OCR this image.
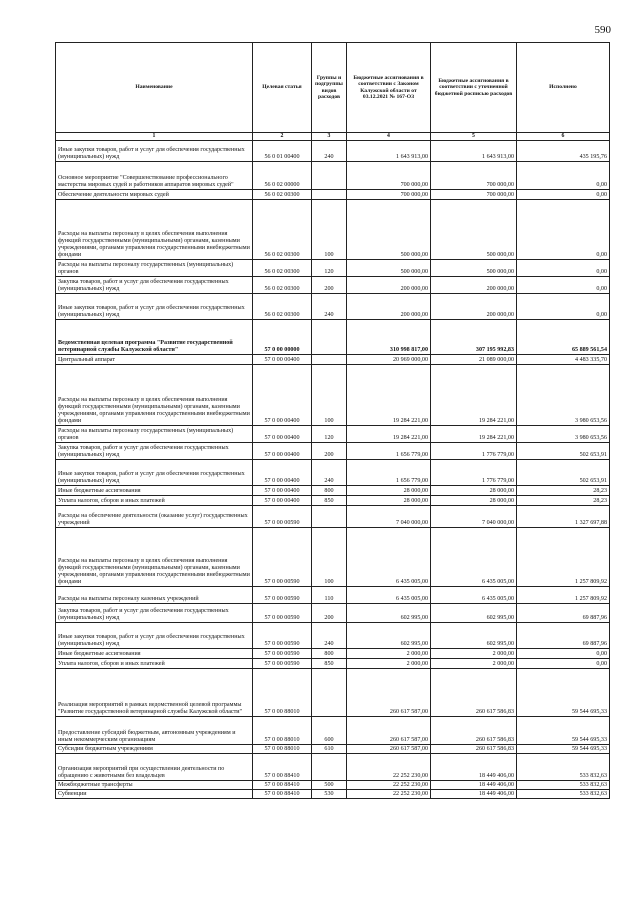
590
Наименование	Целевая статья	Группы и подгруппы видов расходов	Бюджетные ассигнования в соответствии с Законом Калужской области от 03.12.2021 № 167-ОЗ	Бюджетные ассигнования в соответствии с уточненной бюджетной росписью расходов	Исполнено
1	2	3	4	5	6
Иные закупки товаров, работ и услуг для обеспечения государственных (муниципальных) нужд	56 0 01 00400	240	1 643 913,00	1 643 913,00	435 195,76
Основное мероприятие "Совершенствование профессионального мастерства мировых судей и работников аппаратов мировых судей"	56 0 02 00000		700 000,00	700 000,00	0,00
Обеспечение деятельности мировых судей	56 0 02 00300		700 000,00	700 000,00	0,00
Расходы на выплаты персоналу в целях обеспечения выполнения функций государственными (муниципальными) органами, казенными учреждениями, органами управления государственными внебюджетными фондами	56 0 02 00300	100	500 000,00	500 000,00	0,00
Расходы на выплаты персоналу государственных (муниципальных) органов	56 0 02 00300	120	500 000,00	500 000,00	0,00
Закупка товаров, работ и услуг для обеспечения государственных (муниципальных) нужд	56 0 02 00300	200	200 000,00	200 000,00	0,00
Иные закупки товаров, работ и услуг для обеспечения государственных (муниципальных) нужд	56 0 02 00300	240	200 000,00	200 000,00	0,00
Ведомственная целевая программа "Развитие государственной ветеринарной службы Калужской области"	57 0 00 00000		310 998 817,00	307 195 992,83	65 889 561,54
Центральный аппарат	57 0 00 00400		20 969 000,00	21 089 000,00	4 483 335,70
Расходы на выплаты персоналу в целях обеспечения выполнения функций государственными (муниципальными) органами, казенными учреждениями, органами управления государственными внебюджетными фондами	57 0 00 00400	100	19 284 221,00	19 284 221,00	3 980 653,56
Расходы на выплаты персоналу государственных (муниципальных) органов	57 0 00 00400	120	19 284 221,00	19 284 221,00	3 980 653,56
Закупка товаров, работ и услуг для обеспечения государственных (муниципальных) нужд	57 0 00 00400	200	1 656 779,00	1 776 779,00	502 653,91
Иные закупки товаров, работ и услуг для обеспечения государственных (муниципальных) нужд	57 0 00 00400	240	1 656 779,00	1 776 779,00	502 653,91
Иные бюджетные ассигнования	57 0 00 00400	800	28 000,00	28 000,00	28,23
Уплата налогов, сборов и иных платежей	57 0 00 00400	850	28 000,00	28 000,00	28,23
Расходы на обеспечение деятельности (оказание услуг) государственных учреждений	57 0 00 00590		7 040 000,00	7 040 000,00	1 327 697,88
Расходы на выплаты персоналу в целях обеспечения выполнения функций государственными (муниципальными) органами, казенными учреждениями, органами управления государственными внебюджетными фондами	57 0 00 00590	100	6 435 005,00	6 435 005,00	1 257 809,92
Расходы на выплаты персоналу казенных учреждений	57 0 00 00590	110	6 435 005,00	6 435 005,00	1 257 809,92
Закупка товаров, работ и услуг для обеспечения государственных (муниципальных) нужд	57 0 00 00590	200	602 995,00	602 995,00	69 887,96
Иные закупки товаров, работ и услуг для обеспечения государственных (муниципальных) нужд	57 0 00 00590	240	602 995,00	602 995,00	69 887,96
Иные бюджетные ассигнования	57 0 00 00590	800	2 000,00	2 000,00	0,00
Уплата налогов, сборов и иных платежей	57 0 00 00590	850	2 000,00	2 000,00	0,00
Реализация мероприятий в рамках ведомственной целевой программы "Развитие государственной ветеринарной службы Калужской области"	57 0 00 88010		260 617 587,00	260 617 586,83	59 544 695,33
Предоставление субсидий бюджетным, автономным учреждениям и иным некоммерческим организациям	57 0 00 88010	600	260 617 587,00	260 617 586,83	59 544 695,33
Субсидии бюджетным учреждениям	57 0 00 88010	610	260 617 587,00	260 617 586,83	59 544 695,33
Организация мероприятий при осуществлении деятельности по обращению с животными без владельцев	57 0 00 88410		22 252 230,00	18 449 406,00	533 832,63
Межбюджетные трансферты	57 0 00 88410	500	22 252 230,00	18 449 406,00	533 832,63
Субвенции	57 0 00 88410	530	22 252 230,00	18 449 406,00	533 832,63
